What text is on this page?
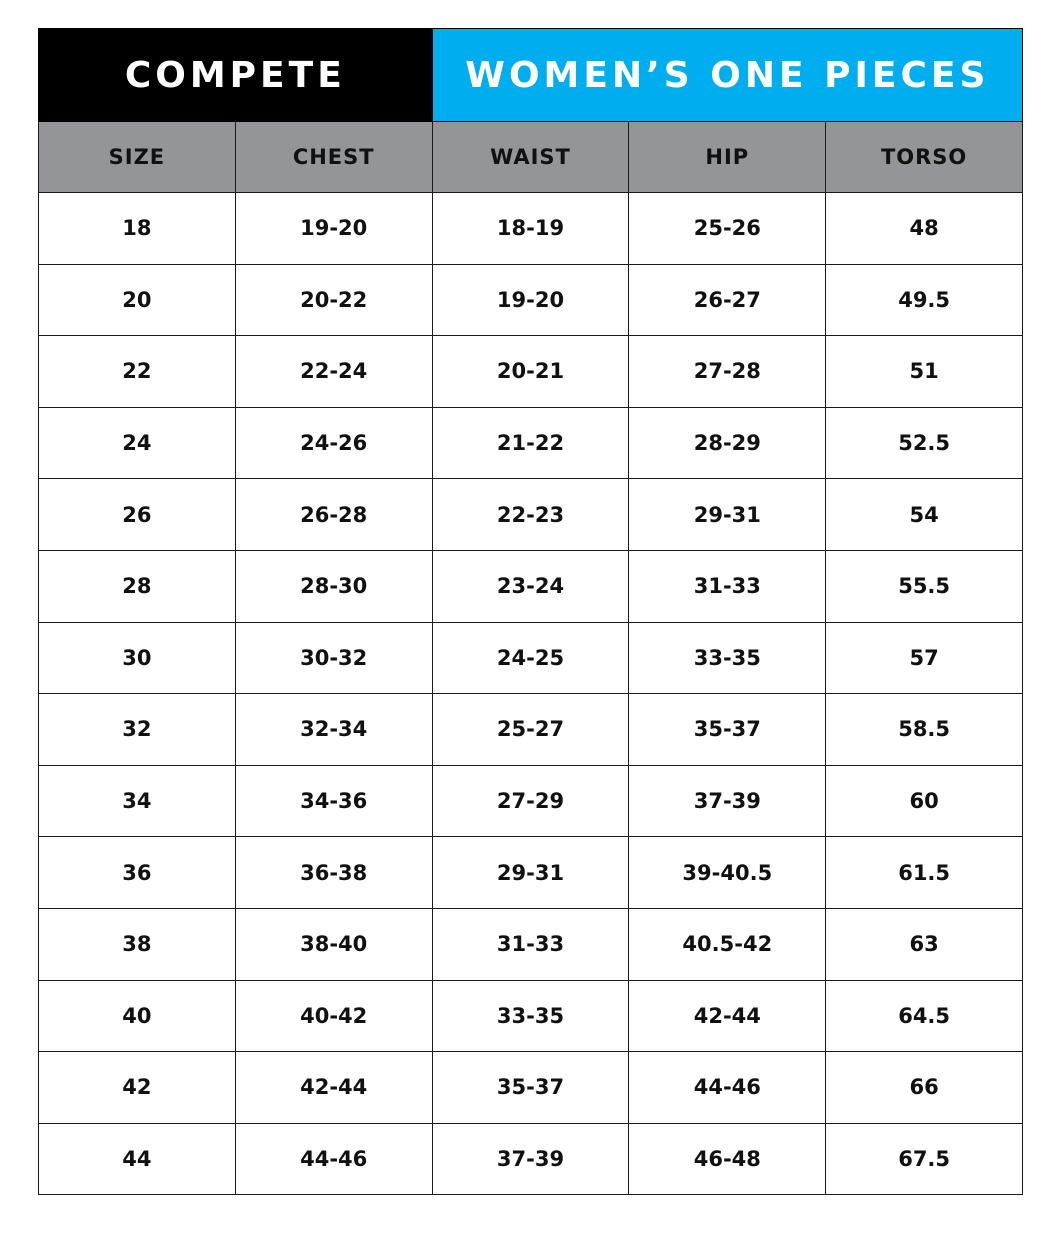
COMPETE		WOMEN’S ONE PIECES		
SIZE	CHEST	WAIST	HIP	TORSO
18	19-20	18-19	25-26	48
20	20-22	19-20	26-27	49.5
22	22-24	20-21	27-28	51
24	24-26	21-22	28-29	52.5
26	26-28	22-23	29-31	54
28	28-30	23-24	31-33	55.5
30	30-32	24-25	33-35	57
32	32-34	25-27	35-37	58.5
34	34-36	27-29	37-39	60
36	36-38	29-31	39-40.5	61.5
38	38-40	31-33	40.5-42	63
40	40-42	33-35	42-44	64.5
42	42-44	35-37	44-46	66
44	44-46	37-39	46-48	67.5
